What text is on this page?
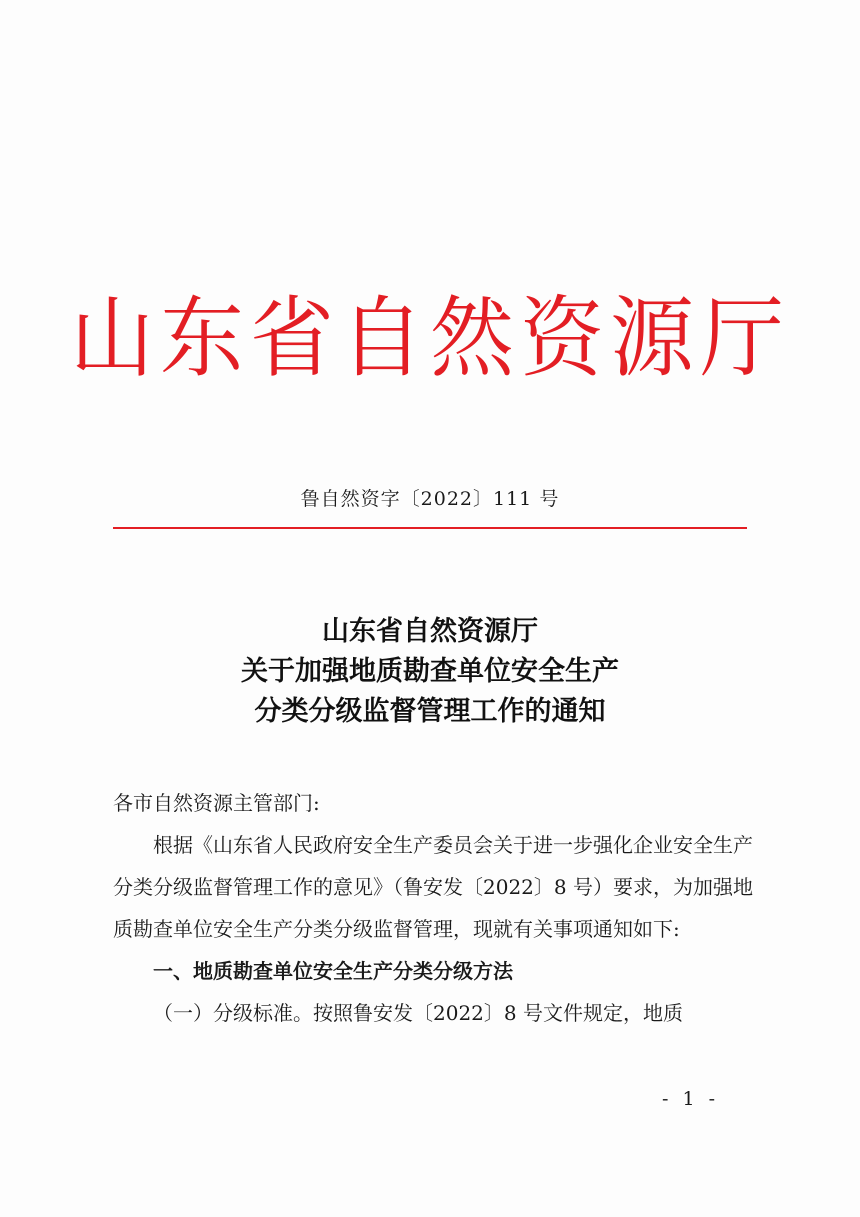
山东省自然资源厅
鲁自然资字〔2022〕111 号
山东省自然资源厅
关于加强地质勘查单位安全生产
分类分级监督管理工作的通知
各市自然资源主管部门:
根据《山东省人民政府安全生产委员会关于进一步强化企业安全生产分类分级监督管理工作的意见》（鲁安发〔2022〕8 号）要求，为加强地质勘查单位安全生产分类分级监督管理，现就有关事项通知如下:
一、地质勘查单位安全生产分类分级方法
（一）分级标准。按照鲁安发〔2022〕8 号文件规定，地质
- 1 -
